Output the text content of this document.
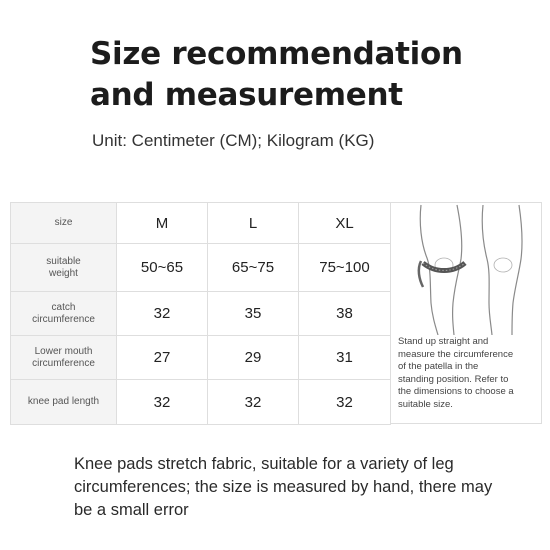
Size recommendation
and measurement

Unit: Centimeter (CM); Kilogram (KG)

size	M	L	XL
suitable
weight	50~65	65~75	75~100
catch
circumference	32	35	38
Lower mouth
circumference	27	29	31
knee pad length	32	32	32

Stand up straight and
measure the circumference
of the patella in the
standing position. Refer to
the dimensions to choose a
suitable size.

Knee pads stretch fabric, suitable for a variety of leg
circumferences; the size is measured by hand, there may
be a small error
